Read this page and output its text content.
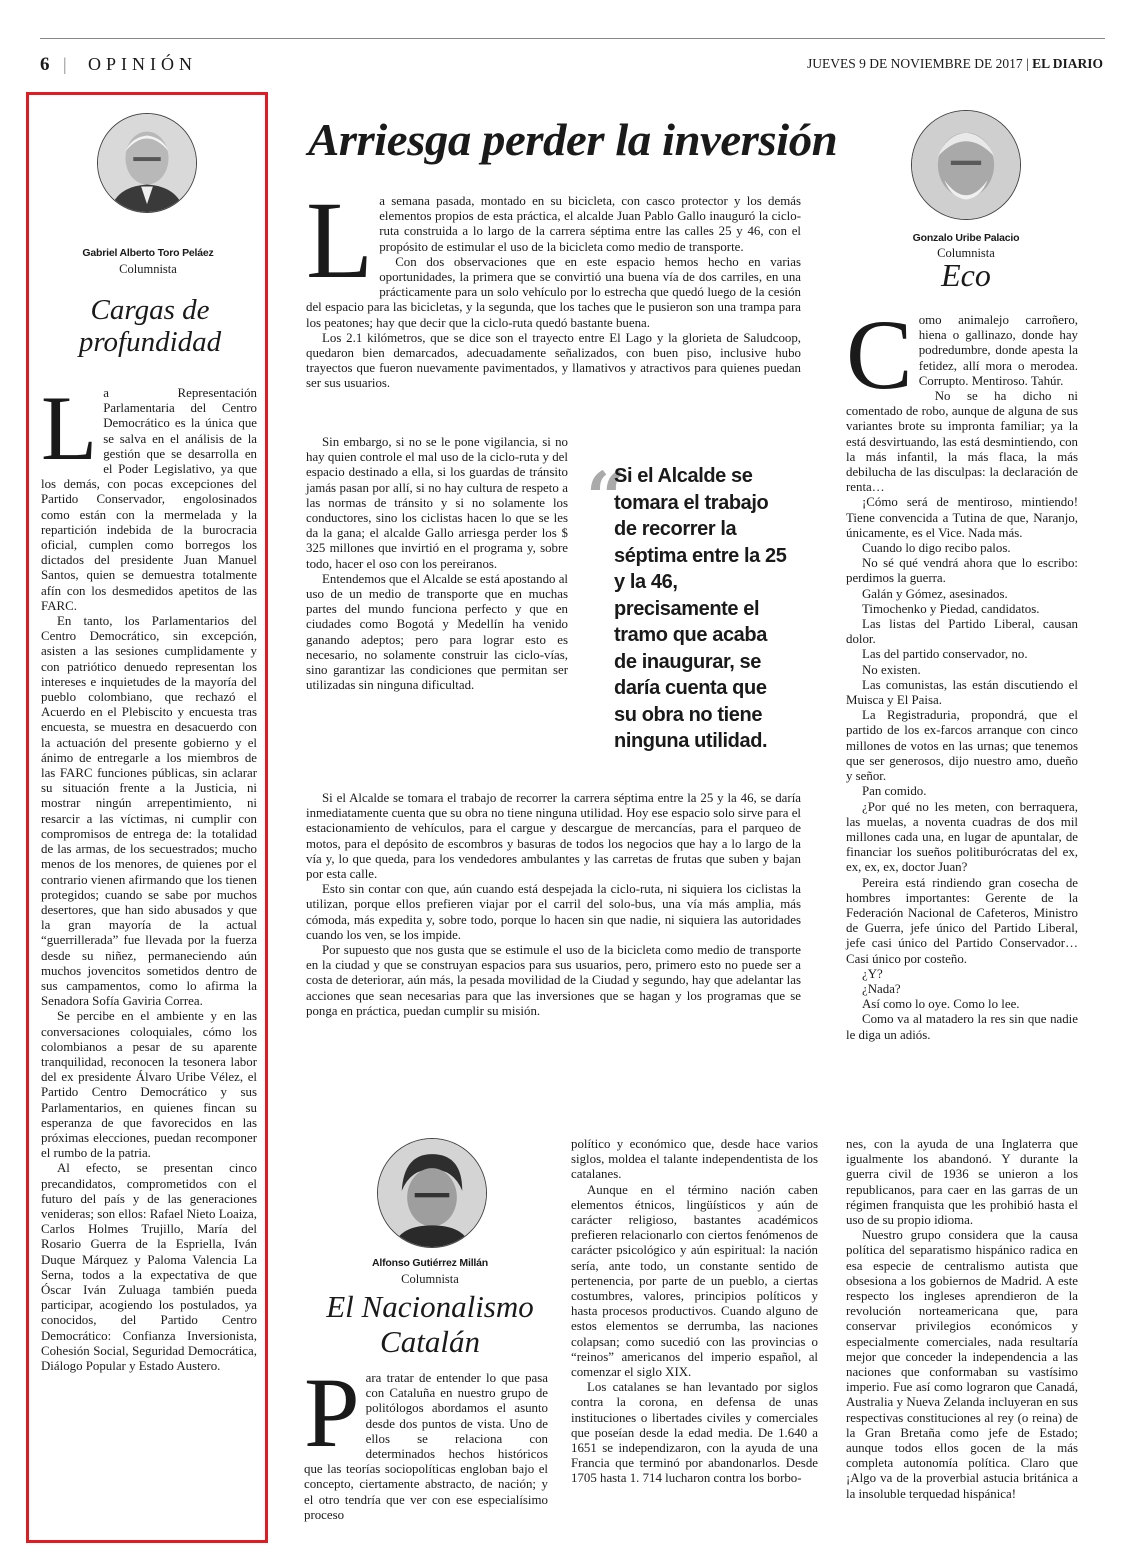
6 | OPINIÓN	JUEVES 9 DE NOVIEMBRE DE 2017 | EL DIARIO
Gabriel Alberto Toro Peláez
Columnista
Cargas de profundidad
L a Representación Parlamentaria del Centro Democrático es la única que se salva en el análisis de la gestión que se desarrolla en el Poder Legislativo, ya que los demás, con pocas excepciones del Partido Conservador, engolosinados como están con la mermelada y la repartición indebida de la burocracia oficial, cumplen como borregos los dictados del presidente Juan Manuel Santos, quien se demuestra totalmente afín con los desmedidos apetitos de las FARC.

En tanto, los Parlamentarios del Centro Democrático, sin excepción, asisten a las sesiones cumplidamente y con patriótico denuedo representan los intereses e inquietudes de la mayoría del pueblo colombiano, que rechazó el Acuerdo en el Plebiscito y encuesta tras encuesta, se muestra en desacuerdo con la actuación del presente gobierno y el ánimo de entregarle a los miembros de las FARC funciones públicas, sin aclarar su situación frente a la Justicia, ni mostrar ningún arrepentimiento, ni resarcir a las víctimas, ni cumplir con compromisos de entrega de: la totalidad de las armas, de los secuestrados; mucho menos de los menores, de quienes por el contrario vienen afirmando que los tienen protegidos; cuando se sabe por muchos desertores, que han sido abusados y que la gran mayoría de la actual “guerrillerada” fue llevada por la fuerza desde su niñez, permaneciendo aún muchos jovencitos sometidos dentro de sus campamentos, como lo afirma la Senadora Sofía Gaviria Correa.

Se percibe en el ambiente y en las conversaciones coloquiales, cómo los colombianos a pesar de su aparente tranquilidad, reconocen la tesonera labor del ex presidente Álvaro Uribe Vélez, el Partido Centro Democrático y sus Parlamentarios, en quienes fincan su esperanza de que favorecidos en las próximas elecciones, puedan recomponer el rumbo de la patria.

Al efecto, se presentan cinco precandidatos, comprometidos con el futuro del país y de las generaciones venideras; son ellos: Rafael Nieto Loaiza, Carlos Holmes Trujillo, María del Rosario Guerra de la Espriella, Iván Duque Márquez y Paloma Valencia La Serna, todos a la expectativa de que Óscar Iván Zuluaga también pueda participar, acogiendo los postulados, ya conocidos, del Partido Centro Democrático: Confianza Inversionista, Cohesión Social, Seguridad Democrática, Diálogo Popular y Estado Austero.

Arriesga perder la inversión
L a semana pasada, montado en su bicicleta, con casco protector y los demás elementos propios de esta práctica, el alcalde Juan Pablo Gallo inauguró la ciclo-ruta construida a lo largo de la carrera séptima entre las calles 25 y 46, con el propósito de estimular el uso de la bicicleta como medio de transporte.

Con dos observaciones que en este espacio hemos hecho en varias oportunidades, la primera que se convirtió una buena vía de dos carriles, en una prácticamente para un solo vehículo por lo estrecha que quedó luego de la cesión del espacio para las bicicletas, y la segunda, que los taches que le pusieron son una trampa para los peatones; hay que decir que la ciclo-ruta quedó bastante buena.

Los 2.1 kilómetros, que se dice son el trayecto entre El Lago y la glorieta de Saludcoop, quedaron bien demarcados, adecuadamente señalizados, con buen piso, inclusive hubo trayectos que fueron nuevamente pavimentados, y llamativos y atractivos para quienes puedan ser sus usuarios.

Sin embargo, si no se le pone vigilancia, si no hay quien controle el mal uso de la ciclo-ruta y del espacio destinado a ella, si los guardas de tránsito jamás pasan por allí, si no hay cultura de respeto a las normas de tránsito y si no solamente los conductores, sino los ciclistas hacen lo que se les da la gana; el alcalde Gallo arriesga perder los $ 325 millones que invirtió en el programa y, sobre todo, hacer el oso con los pereiranos.

Entendemos que el Alcalde se está apostando al uso de un medio de transporte que en muchas partes del mundo funciona perfecto y que en ciudades como Bogotá y Medellín ha venido ganando adeptos; pero para lograr esto es necesario, no solamente construir las ciclo-vías, sino garantizar las condiciones que permitan ser utilizadas sin ninguna dificultad.

“
Si el Alcalde se tomara el trabajo de recorrer la séptima entre la 25 y la 46, precisamente el tramo que acaba de inaugurar, se daría cuenta que su obra no tiene ninguna utilidad.

Si el Alcalde se tomara el trabajo de recorrer la carrera séptima entre la 25 y la 46, se daría inmediatamente cuenta que su obra no tiene ninguna utilidad. Hoy ese espacio solo sirve para el estacionamiento de vehículos, para el cargue y descargue de mercancías, para el parqueo de motos, para el depósito de escombros y basuras de todos los negocios que hay a lo largo de la vía y, lo que queda, para los vendedores ambulantes y las carretas de frutas que suben y bajan por esta calle.

Esto sin contar con que, aún cuando está despejada la ciclo-ruta, ni siquiera los ciclistas la utilizan, porque ellos prefieren viajar por el carril del solo-bus, una vía más amplia, más cómoda, más expedita y, sobre todo, porque lo hacen sin que nadie, ni siquiera las autoridades cuando los ven, se los impide.

Por supuesto que nos gusta que se estimule el uso de la bicicleta como medio de transporte en la ciudad y que se construyan espacios para sus usuarios, pero, primero esto no puede ser a costa de deteriorar, aún más, la pesada movilidad de la Ciudad y segundo, hay que adelantar las acciones que sean necesarias para que las inversiones que se hagan y los programas que se ponga en práctica, puedan cumplir su misión.

Gonzalo Uribe Palacio
Columnista
Eco
C omo animalejo carroñero, hiena o gallinazo, donde hay podredumbre, donde apesta la fetidez, allí mora o merodea. Corrupto. Mentiroso. Tahúr.

No se ha dicho ni comentado de robo, aunque de alguna de sus variantes brote su impronta familiar; ya la está desvirtuando, las está desmintiendo, con la más infantil, la más flaca, la más debilucha de las disculpas: la declaración de renta…

¡Cómo será de mentiroso, mintiendo! Tiene convencida a Tutina de que, Naranjo, únicamente, es el Vice. Nada más.

Cuando lo digo recibo palos.

No sé qué vendrá ahora que lo escribo: perdimos la guerra.

Galán y Gómez, asesinados.

Timochenko y Piedad, candidatos.

Las listas del Partido Liberal, causan dolor.

Las del partido conservador, no.

No existen.

Las comunistas, las están discutiendo el Muisca y El Paisa.

La Registraduria, propondrá, que el partido de los ex-farcos arranque con cinco millones de votos en las urnas; que tenemos que ser generosos, dijo nuestro amo, dueño y señor.

Pan comido.

¿Por qué no les meten, con berraquera, las muelas, a noventa cuadras de dos mil millones cada una, en lugar de apuntalar, de financiar los sueños politiburócratas del ex, ex, ex, ex, doctor Juan?

Pereira está rindiendo gran cosecha de hombres importantes: Gerente de la Federación Nacional de Cafeteros, Ministro de Guerra, jefe único del Partido Liberal, jefe casi único del Partido Conservador… Casi único por costeño.

¿Y?

¿Nada?

Así como lo oye. Como lo lee.

Como va al matadero la res sin que nadie le diga un adiós.

Alfonso Gutiérrez Millán
Columnista
El Nacionalismo Catalán
P ara tratar de entender lo que pasa con Cataluña en nuestro grupo de politólogos abordamos el asunto desde dos puntos de vista. Uno de ellos se relaciona con determinados hechos históricos que las teorías sociopolíticas engloban bajo el concepto, ciertamente abstracto, de nación; y el otro tendría que ver con ese especialísimo proceso

político y económico que, desde hace varios siglos, moldea el talante independentista de los catalanes.

Aunque en el término nación caben elementos étnicos, lingüísticos y aún de carácter religioso, bastantes académicos prefieren relacionarlo con ciertos fenómenos de carácter psicológico y aún espiritual: la nación sería, ante todo, un constante sentido de pertenencia, por parte de un pueblo, a ciertas costumbres, valores, principios políticos y hasta procesos productivos. Cuando alguno de estos elementos se derrumba, las naciones colapsan; como sucedió con las provincias o “reinos” americanos del imperio español, al comenzar el siglo XIX.

Los catalanes se han levantado por siglos contra la corona, en defensa de unas instituciones o libertades civiles y comerciales que poseían desde la edad media. De 1.640 a 1651 se independizaron, con la ayuda de una Francia que terminó por abandonarlos. Desde 1705 hasta 1. 714 lucharon contra los borbo-

nes, con la ayuda de una Inglaterra que igualmente los abandonó. Y durante la guerra civil de 1936 se unieron a los republicanos, para caer en las garras de un régimen franquista que les prohibió hasta el uso de su propio idioma.

Nuestro grupo considera que la causa política del separatismo hispánico radica en esa especie de centralismo autista que obsesiona a los gobiernos de Madrid. A este respecto los ingleses aprendieron de la revolución norteamericana que, para conservar privilegios económicos y especialmente comerciales, nada resultaría mejor que conceder la independencia a las naciones que conformaban su vastísimo imperio. Fue así como lograron que Canadá, Australia y Nueva Zelanda incluyeran en sus respectivas constituciones al rey (o reina) de la Gran Bretaña como jefe de Estado; aunque todos ellos gocen de la más completa autonomía política. Claro que ¡Algo va de la proverbial astucia británica a la insoluble terquedad hispánica!
